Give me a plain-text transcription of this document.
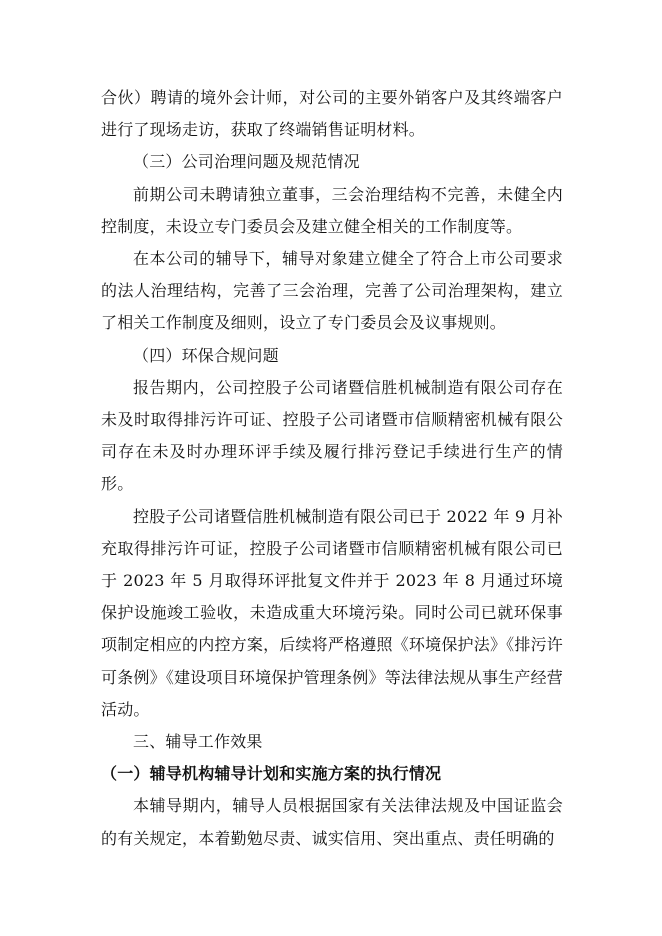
合伙）聘请的境外会计师，对公司的主要外销客户及其终端客户进行了现场走访，获取了终端销售证明材料。

（三）公司治理问题及规范情况

前期公司未聘请独立董事，三会治理结构不完善，未健全内控制度，未设立专门委员会及建立健全相关的工作制度等。

在本公司的辅导下，辅导对象建立健全了符合上市公司要求的法人治理结构，完善了三会治理，完善了公司治理架构，建立了相关工作制度及细则，设立了专门委员会及议事规则。

（四）环保合规问题

报告期内，公司控股子公司诸暨信胜机械制造有限公司存在未及时取得排污许可证、控股子公司诸暨市信顺精密机械有限公司存在未及时办理环评手续及履行排污登记手续进行生产的情形。

控股子公司诸暨信胜机械制造有限公司已于 2022 年 9 月补充取得排污许可证，控股子公司诸暨市信顺精密机械有限公司已于 2023 年 5 月取得环评批复文件并于 2023 年 8 月通过环境保护设施竣工验收，未造成重大环境污染。同时公司已就环保事项制定相应的内控方案，后续将严格遵照《环境保护法》《排污许可条例》《建设项目环境保护管理条例》等法律法规从事生产经营活动。

三、辅导工作效果

（一）辅导机构辅导计划和实施方案的执行情况

本辅导期内，辅导人员根据国家有关法律法规及中国证监会的有关规定，本着勤勉尽责、诚实信用、突出重点、责任明确的
